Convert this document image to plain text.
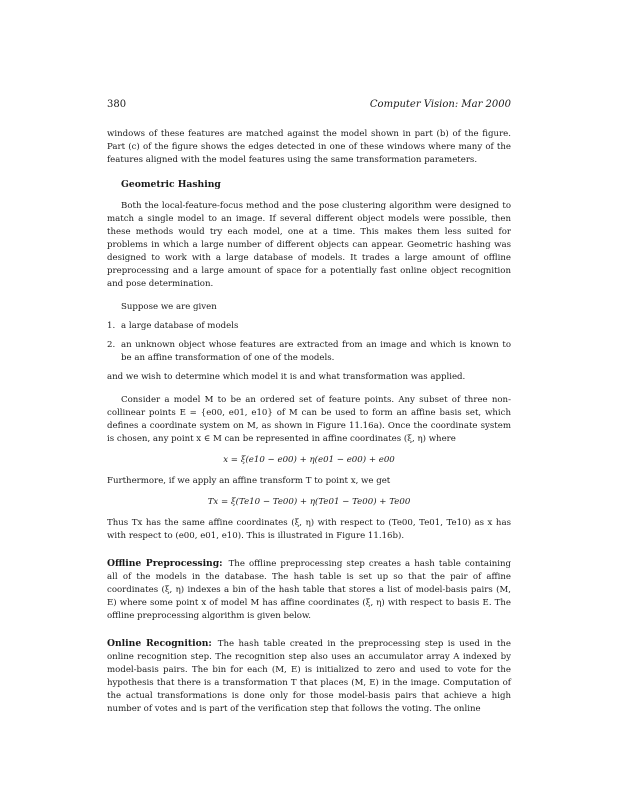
380	Computer Vision: Mar 2000

windows of these features are matched against the model shown in part (b) of the figure. Part (c) of the figure shows the edges detected in one of these windows where many of the features aligned with the model features using the same transformation parameters.

Geometric Hashing

Both the local-feature-focus method and the pose clustering algorithm were designed to match a single model to an image. If several different object models were possible, then these methods would try each model, one at a time. This makes them less suited for problems in which a large number of different objects can appear. Geometric hashing was designed to work with a large database of models. It trades a large amount of offline preprocessing and a large amount of space for a potentially fast online object recognition and pose determination.

Suppose we are given

1. a large database of models
2. an unknown object whose features are extracted from an image and which is known to be an affine transformation of one of the models.

and we wish to determine which model it is and what transformation was applied.

Consider a model M to be an ordered set of feature points. Any subset of three non-collinear points E = {e00, e01, e10} of M can be used to form an affine basis set, which defines a coordinate system on M, as shown in Figure 11.16a). Once the coordinate system is chosen, any point x ∈ M can be represented in affine coordinates (ξ, η) where

x = ξ(e10 − e00) + η(e01 − e00) + e00

Furthermore, if we apply an affine transform T to point x, we get

Tx = ξ(Te10 − Te00) + η(Te01 − Te00) + Te00

Thus Tx has the same affine coordinates (ξ, η) with respect to (Te00, Te01, Te10) as x has with respect to (e00, e01, e10). This is illustrated in Figure 11.16b).

Offline Preprocessing: The offline preprocessing step creates a hash table containing all of the models in the database. The hash table is set up so that the pair of affine coordinates (ξ, η) indexes a bin of the hash table that stores a list of model-basis pairs (M, E) where some point x of model M has affine coordinates (ξ, η) with respect to basis E. The offline preprocessing algorithm is given below.

Online Recognition: The hash table created in the preprocessing step is used in the online recognition step. The recognition step also uses an accumulator array A indexed by model-basis pairs. The bin for each (M, E) is initialized to zero and used to vote for the hypothesis that there is a transformation T that places (M, E) in the image. Computation of the actual transformations is done only for those model-basis pairs that achieve a high number of votes and is part of the verification step that follows the voting. The online
